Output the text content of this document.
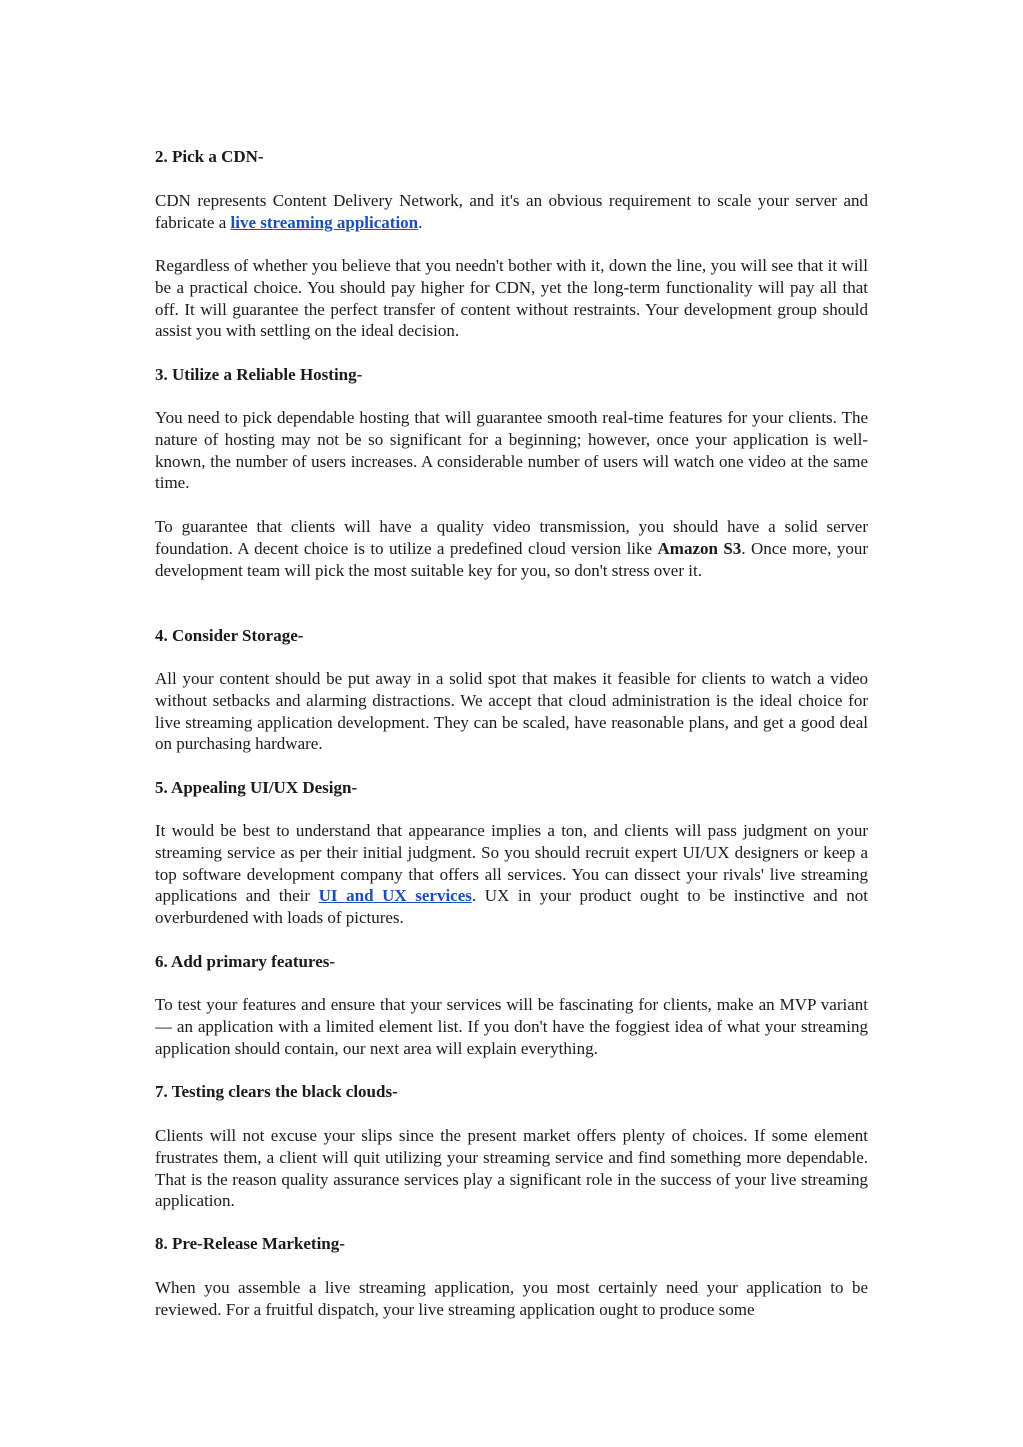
2. Pick a CDN-

CDN represents Content Delivery Network, and it's an obvious requirement to scale your server and fabricate a live streaming application.

Regardless of whether you believe that you needn't bother with it, down the line, you will see that it will be a practical choice. You should pay higher for CDN, yet the long-term functionality will pay all that off. It will guarantee the perfect transfer of content without restraints. Your development group should assist you with settling on the ideal decision.

3. Utilize a Reliable Hosting-

You need to pick dependable hosting that will guarantee smooth real-time features for your clients. The nature of hosting may not be so significant for a beginning; however, once your application is well-known, the number of users increases. A considerable number of users will watch one video at the same time.

To guarantee that clients will have a quality video transmission, you should have a solid server foundation. A decent choice is to utilize a predefined cloud version like Amazon S3. Once more, your development team will pick the most suitable key for you, so don't stress over it.

4. Consider Storage-

All your content should be put away in a solid spot that makes it feasible for clients to watch a video without setbacks and alarming distractions. We accept that cloud administration is the ideal choice for live streaming application development. They can be scaled, have reasonable plans, and get a good deal on purchasing hardware.

5. Appealing UI/UX Design-

It would be best to understand that appearance implies a ton, and clients will pass judgment on your streaming service as per their initial judgment. So you should recruit expert UI/UX designers or keep a top software development company that offers all services. You can dissect your rivals' live streaming applications and their UI and UX services. UX in your product ought to be instinctive and not overburdened with loads of pictures.

6. Add primary features-

To test your features and ensure that your services will be fascinating for clients, make an MVP variant — an application with a limited element list. If you don't have the foggiest idea of what your streaming application should contain, our next area will explain everything.

7. Testing clears the black clouds-

Clients will not excuse your slips since the present market offers plenty of choices. If some element frustrates them, a client will quit utilizing your streaming service and find something more dependable. That is the reason quality assurance services play a significant role in the success of your live streaming application.

8. Pre-Release Marketing-

When you assemble a live streaming application, you most certainly need your application to be reviewed. For a fruitful dispatch, your live streaming application ought to produce some
